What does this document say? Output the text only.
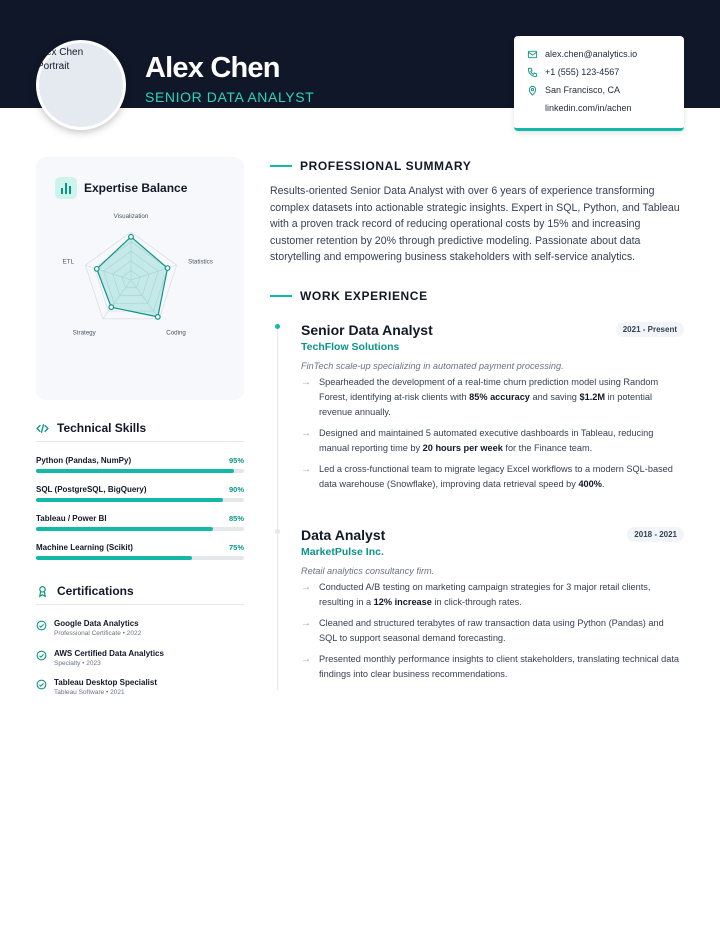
Alex Chen Portrait	Alex Chen
SENIOR DATA ANALYST
alex.chen@analytics.io
+1 (555) 123-4567
San Francisco, CA
linkedin.com/in/achen
Expertise Balance
Visualization
Statistics
Coding
Strategy
ETL
Technical Skills
Python (Pandas, NumPy)	95%
SQL (PostgreSQL, BigQuery)	90%
Tableau / Power BI	85%
Machine Learning (Scikit)	75%
Certifications
Google Data Analytics
Professional Certificate • 2022
AWS Certified Data Analytics
Specialty • 2023
Tableau Desktop Specialist
Tableau Software • 2021
PROFESSIONAL SUMMARY
Results-oriented Senior Data Analyst with over 6 years of experience transforming complex datasets into actionable strategic insights. Expert in SQL, Python, and Tableau with a proven track record of reducing operational costs by 15% and increasing customer retention by 20% through predictive modeling. Passionate about data storytelling and empowering business stakeholders with self-service analytics.
WORK EXPERIENCE
Senior Data Analyst
TechFlow Solutions
2021 - Present
FinTech scale-up specializing in automated payment processing.
→ Spearheaded the development of a real-time churn prediction model using Random Forest, identifying at-risk clients with 85% accuracy and saving $1.2M in potential revenue annually.
→ Designed and maintained 5 automated executive dashboards in Tableau, reducing manual reporting time by 20 hours per week for the Finance team.
→ Led a cross-functional team to migrate legacy Excel workflows to a modern SQL-based data warehouse (Snowflake), improving data retrieval speed by 400%.
Data Analyst
MarketPulse Inc.
2018 - 2021
Retail analytics consultancy firm.
→ Conducted A/B testing on marketing campaign strategies for 3 major retail clients, resulting in a 12% increase in click-through rates.
→ Cleaned and structured terabytes of raw transaction data using Python (Pandas) and SQL to support seasonal demand forecasting.
→ Presented monthly performance insights to client stakeholders, translating technical data findings into clear business recommendations.
